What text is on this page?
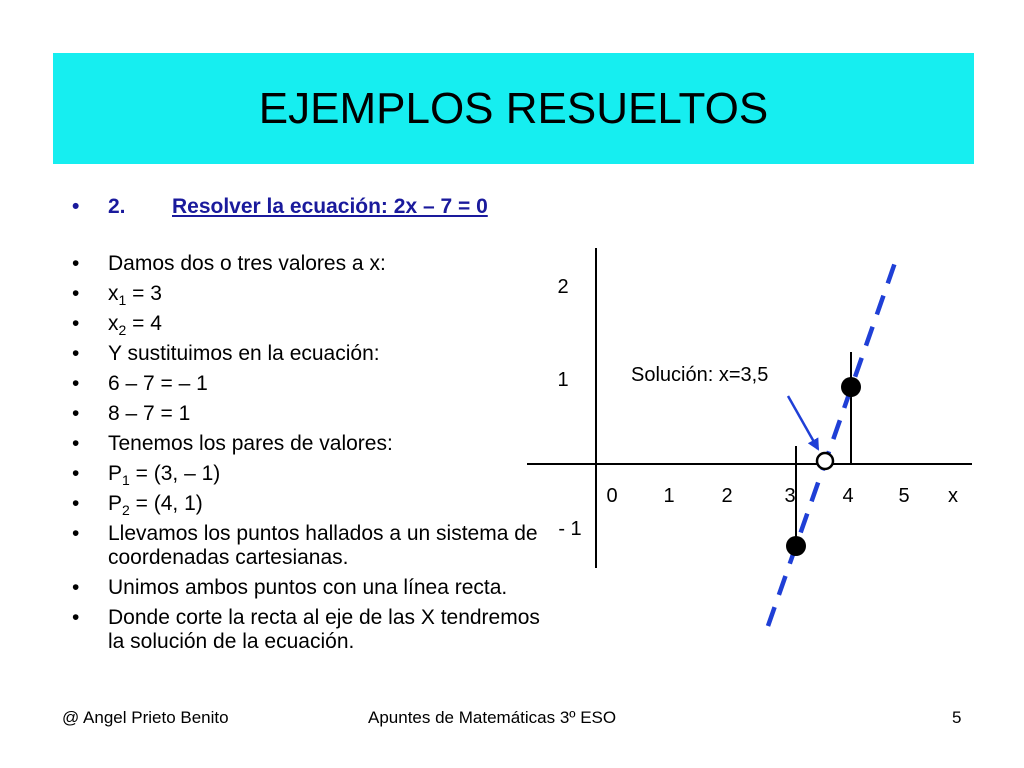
EJEMPLOS RESUELTOS
• 2. Resolver la ecuación: 2x – 7 = 0
• Damos dos o tres valores a x:
• $x_1 = 3$
• $x_2 = 4$
• Y sustituimos en la ecuación:
• 6 – 7 = – 1
• 8 – 7 = 1
• Tenemos los pares de valores:
• $P_1 = (3$, – 1)
• $P_2 = (4$, 1)
• Llevamos los puntos hallados a un sistema de coordenadas cartesianas.
• Unimos ambos puntos con una línea recta.
• Donde corte la recta al eje de las X tendremos la solución de la ecuación.
0 1 2	3 4 5 x
2
1
- 1
Solución: x=3,5
@ Angel Prieto Benito	Apuntes de Matemáticas 3º ESO	5
